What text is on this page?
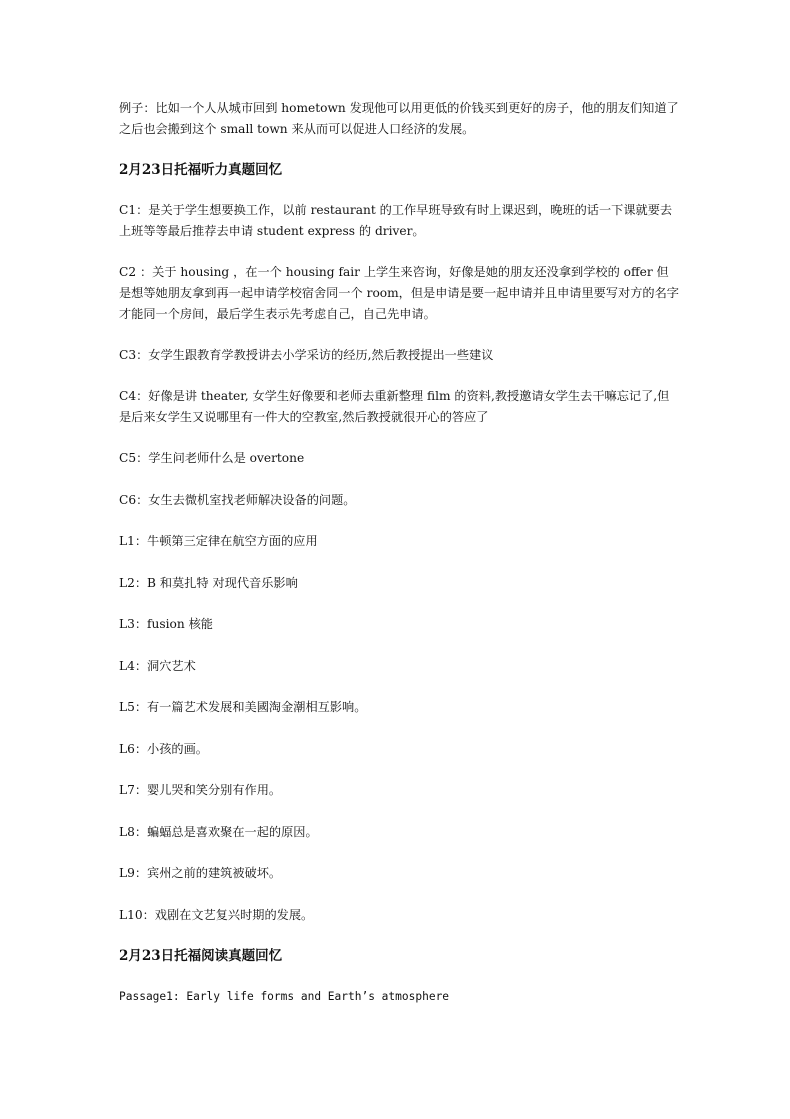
例子：比如一个人从城市回到 hometown 发现他可以用更低的价钱买到更好的房子，他的朋友们知道了之后也会搬到这个 small town 来从而可以促进人口经济的发展。

2月23日托福听力真题回忆

C1：是关于学生想要换工作，以前 restaurant 的工作早班导致有时上课迟到，晚班的话一下课就要去上班等等最后推荐去申请 student express 的 driver。

C2 ：关于 housing ，在一个 housing fair 上学生来咨询，好像是她的朋友还没拿到学校的 offer 但是想等她朋友拿到再一起申请学校宿舍同一个 room，但是申请是要一起申请并且申请里要写对方的名字才能同一个房间，最后学生表示先考虑自己，自己先申请。

C3：女学生跟教育学教授讲去小学采访的经历,然后教授提出一些建议

C4：好像是讲 theater, 女学生好像要和老师去重新整理 film 的资料,教授邀请女学生去干嘛忘记了,但是后来女学生又说哪里有一件大的空教室,然后教授就很开心的答应了

C5：学生问老师什么是 overtone

C6：女生去微机室找老师解决设备的问题。

L1：牛顿第三定律在航空方面的应用

L2：B 和莫扎特 对现代音乐影响

L3：fusion 核能

L4：洞穴艺术

L5：有一篇艺术发展和美國淘金潮相互影响。

L6：小孩的画。

L7：婴儿哭和笑分别有作用。

L8：蝙蝠总是喜欢聚在一起的原因。

L9：宾州之前的建筑被破坏。

L10：戏剧在文艺复兴时期的发展。

2月23日托福阅读真题回忆

Passage1: Early life forms and Earth’s atmosphere
